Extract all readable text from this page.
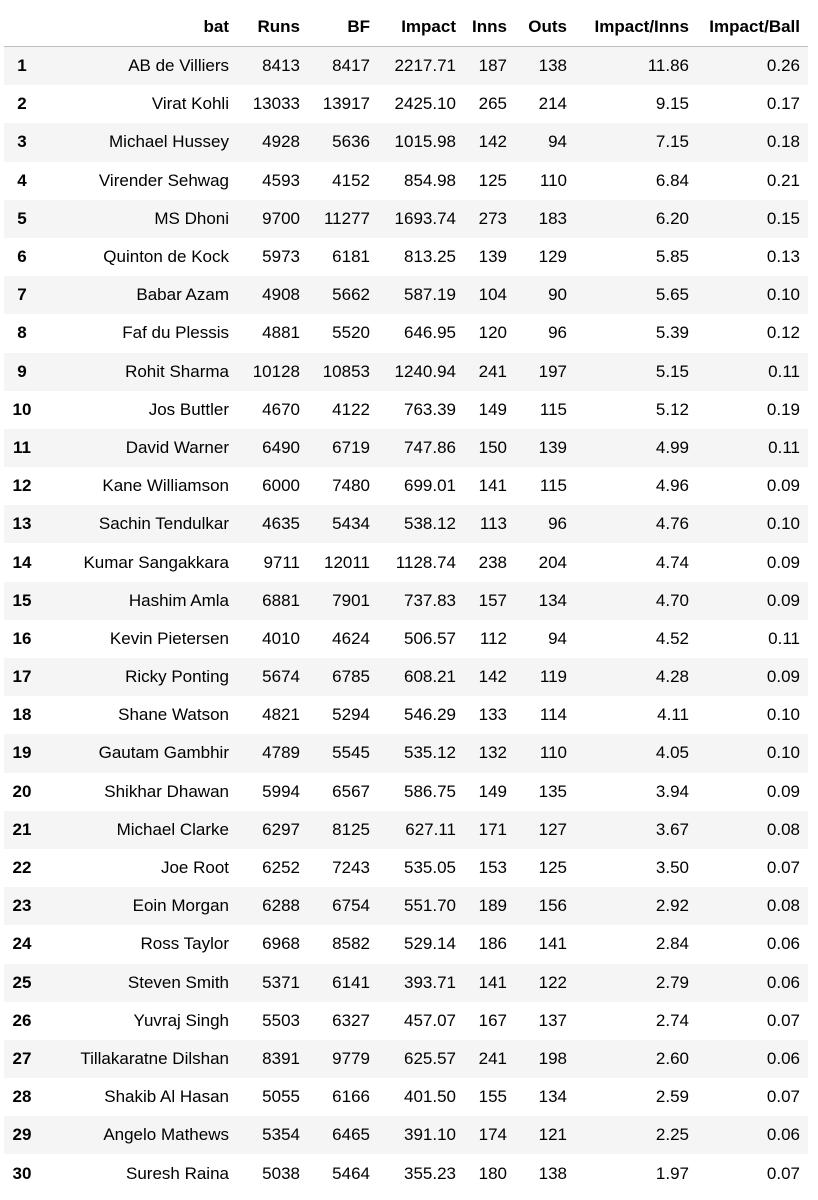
	bat	Runs	BF	Impact	Inns	Outs	Impact/Inns	Impact/Ball
1	AB de Villiers	8413	8417	2217.71	187	138	11.86	0.26
2	Virat Kohli	13033	13917	2425.10	265	214	9.15	0.17
3	Michael Hussey	4928	5636	1015.98	142	94	7.15	0.18
4	Virender Sehwag	4593	4152	854.98	125	110	6.84	0.21
5	MS Dhoni	9700	11277	1693.74	273	183	6.20	0.15
6	Quinton de Kock	5973	6181	813.25	139	129	5.85	0.13
7	Babar Azam	4908	5662	587.19	104	90	5.65	0.10
8	Faf du Plessis	4881	5520	646.95	120	96	5.39	0.12
9	Rohit Sharma	10128	10853	1240.94	241	197	5.15	0.11
10	Jos Buttler	4670	4122	763.39	149	115	5.12	0.19
11	David Warner	6490	6719	747.86	150	139	4.99	0.11
12	Kane Williamson	6000	7480	699.01	141	115	4.96	0.09
13	Sachin Tendulkar	4635	5434	538.12	113	96	4.76	0.10
14	Kumar Sangakkara	9711	12011	1128.74	238	204	4.74	0.09
15	Hashim Amla	6881	7901	737.83	157	134	4.70	0.09
16	Kevin Pietersen	4010	4624	506.57	112	94	4.52	0.11
17	Ricky Ponting	5674	6785	608.21	142	119	4.28	0.09
18	Shane Watson	4821	5294	546.29	133	114	4.11	0.10
19	Gautam Gambhir	4789	5545	535.12	132	110	4.05	0.10
20	Shikhar Dhawan	5994	6567	586.75	149	135	3.94	0.09
21	Michael Clarke	6297	8125	627.11	171	127	3.67	0.08
22	Joe Root	6252	7243	535.05	153	125	3.50	0.07
23	Eoin Morgan	6288	6754	551.70	189	156	2.92	0.08
24	Ross Taylor	6968	8582	529.14	186	141	2.84	0.06
25	Steven Smith	5371	6141	393.71	141	122	2.79	0.06
26	Yuvraj Singh	5503	6327	457.07	167	137	2.74	0.07
27	Tillakaratne Dilshan	8391	9779	625.57	241	198	2.60	0.06
28	Shakib Al Hasan	5055	6166	401.50	155	134	2.59	0.07
29	Angelo Mathews	5354	6465	391.10	174	121	2.25	0.06
30	Suresh Raina	5038	5464	355.23	180	138	1.97	0.07
